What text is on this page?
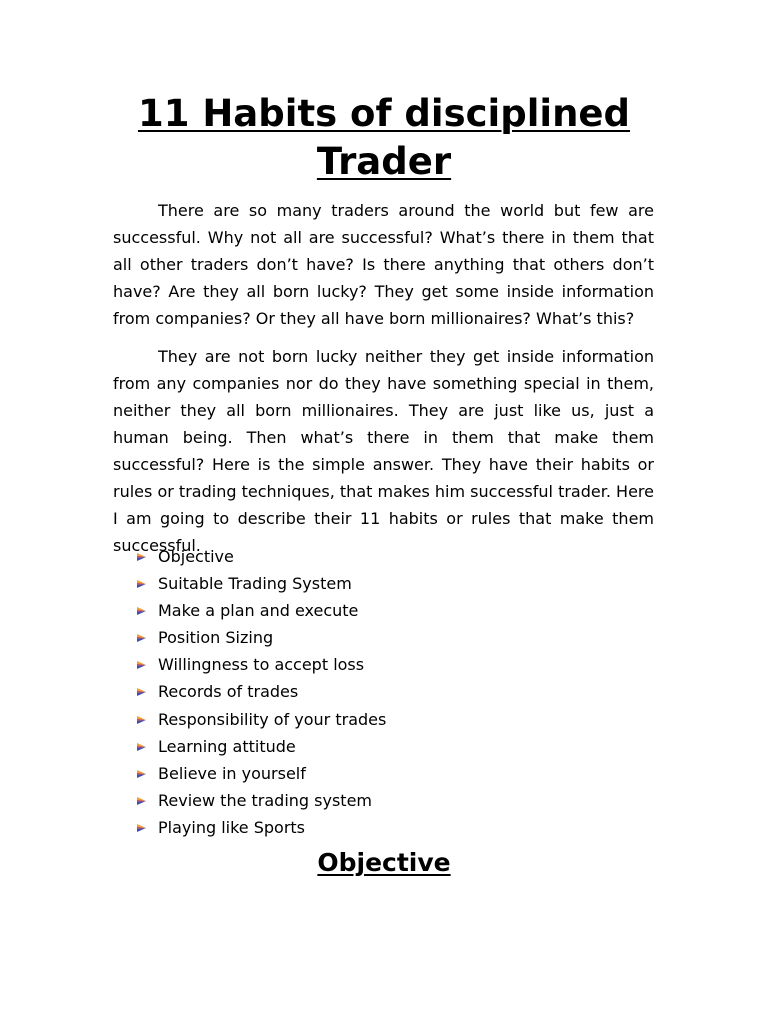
11 Habits of disciplined Trader

There are so many traders around the world but few are successful. Why not all are successful? What’s there in them that all other traders don’t have? Is there anything that others don’t have? Are they all born lucky? They get some inside information from companies? Or they all have born millionaires? What’s this?

They are not born lucky neither they get inside information from any companies nor do they have something special in them, neither they all born millionaires. They are just like us, just a human being. Then what’s there in them that make them successful? Here is the simple answer. They have their habits or rules or trading techniques, that makes him successful trader. Here I am going to describe their 11 habits or rules that make them successful.

Objective
Suitable Trading System
Make a plan and execute
Position Sizing
Willingness to accept loss
Records of trades
Responsibility of your trades
Learning attitude
Believe in yourself
Review the trading system
Playing like Sports
Objective
